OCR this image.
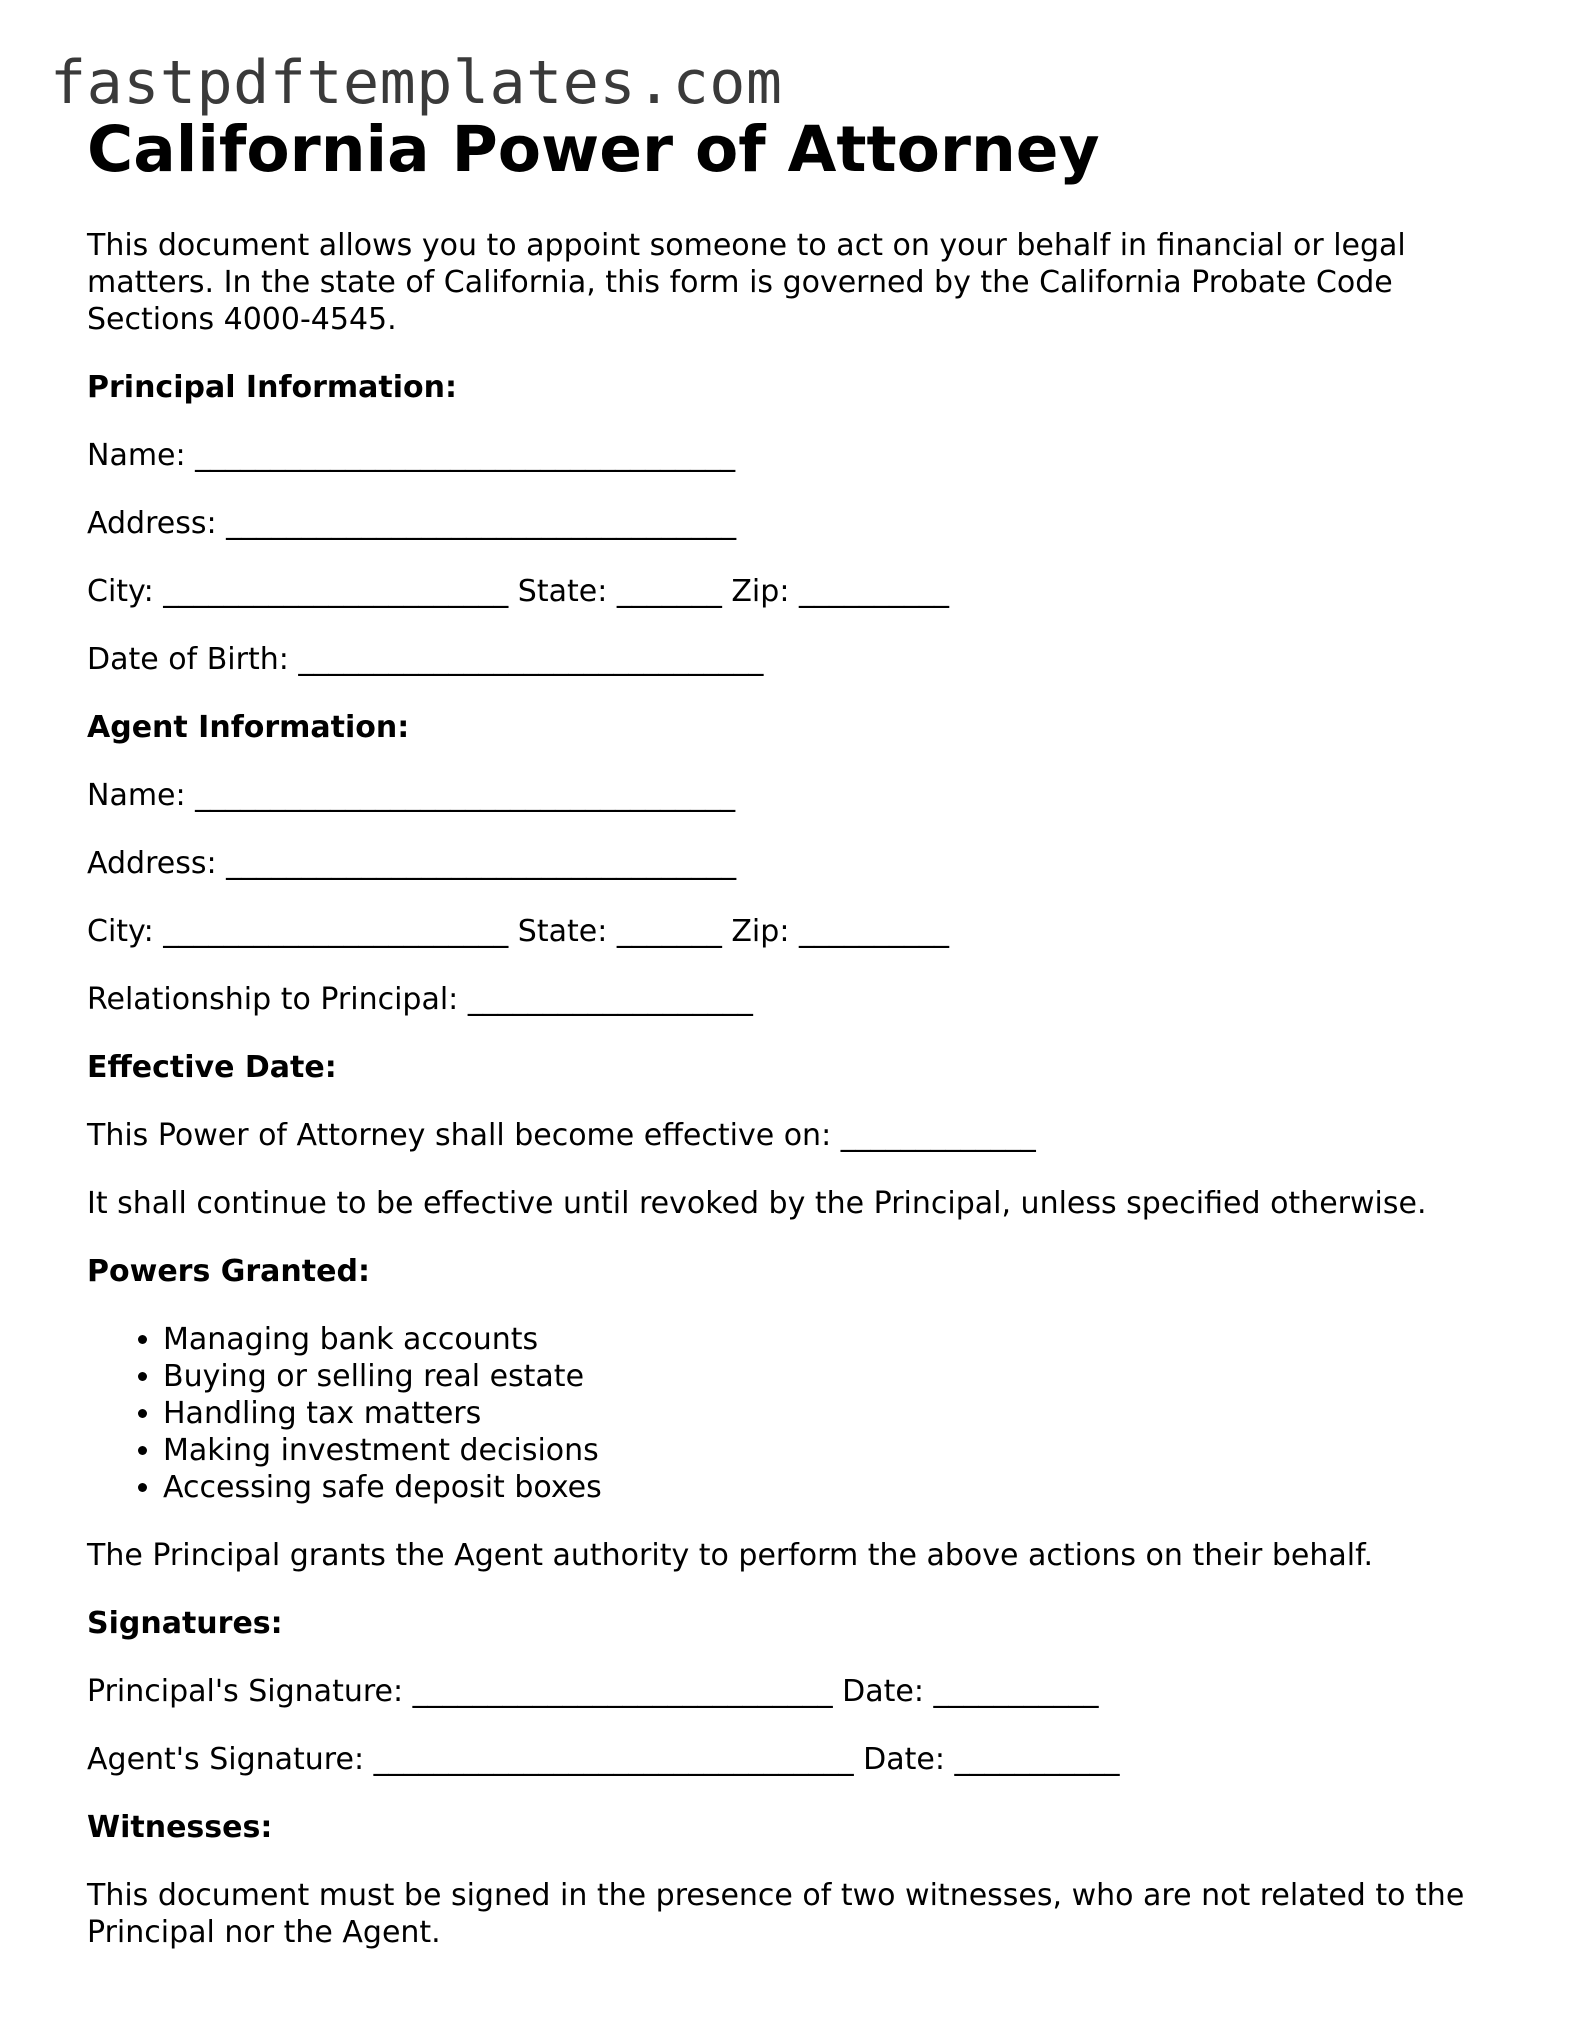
fastpdftemplates.com
California Power of Attorney

This document allows you to appoint someone to act on your behalf in financial or legal matters. In the state of California, this form is governed by the California Probate Code Sections 4000-4545.

Principal Information:

Name: ____________________________________

Address: __________________________________

City: _______________________ State: _______ Zip: __________

Date of Birth: _______________________________

Agent Information:

Name: ____________________________________

Address: __________________________________

City: _______________________ State: _______ Zip: __________

Relationship to Principal: ___________________

Effective Date:

This Power of Attorney shall become effective on: _____________

It shall continue to be effective until revoked by the Principal, unless specified otherwise.

Powers Granted:
• Managing bank accounts
• Buying or selling real estate
• Handling tax matters
• Making investment decisions
• Accessing safe deposit boxes

The Principal grants the Agent authority to perform the above actions on their behalf.

Signatures:

Principal's Signature: ____________________________ Date: ___________

Agent's Signature: ________________________________ Date: ___________

Witnesses:

This document must be signed in the presence of two witnesses, who are not related to the Principal nor the Agent.
